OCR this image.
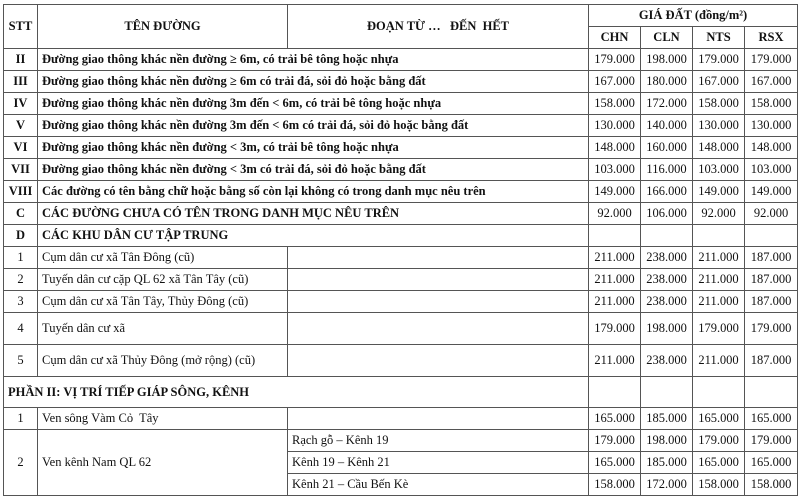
STT	TÊN ĐƯỜNG	ĐOẠN TỪ …   ĐẾN  HẾT	GIÁ ĐẤT (đồng/m²)			
			CHN	CLN	NTS	RSX
II	Đường giao thông khác nền đường ≥ 6m, có trải bê tông hoặc nhựa		179.000	198.000	179.000	179.000
III	Đường giao thông khác nền đường ≥ 6m có trải đá, sỏi đỏ hoặc bằng đất		167.000	180.000	167.000	167.000
IV	Đường giao thông khác nền đường 3m đến < 6m, có trải bê tông hoặc nhựa		158.000	172.000	158.000	158.000
V	Đường giao thông khác nền đường 3m đến < 6m có trải đá, sỏi đỏ hoặc bằng đất		130.000	140.000	130.000	130.000
VI	Đường giao thông khác nền đường < 3m, có trải bê tông hoặc nhựa		148.000	160.000	148.000	148.000
VII	Đường giao thông khác nền đường < 3m có trải đá, sỏi đỏ hoặc bằng đất		103.000	116.000	103.000	103.000
VIII	Các đường có tên bằng chữ hoặc bằng số còn lại không có trong danh mục nêu trên		149.000	166.000	149.000	149.000
C	CÁC ĐƯỜNG CHƯA CÓ TÊN TRONG DANH MỤC NÊU TRÊN		92.000	106.000	92.000	92.000
D	CÁC KHU DÂN CƯ TẬP TRUNG					
1	Cụm dân cư xã Tân Đông (cũ)		211.000	238.000	211.000	187.000
2	Tuyến dân cư cặp QL 62 xã Tân Tây (cũ)		211.000	238.000	211.000	187.000
3	Cụm dân cư xã Tân Tây, Thủy Đông (cũ)		211.000	238.000	211.000	187.000
4	Tuyến dân cư xã		179.000	198.000	179.000	179.000
5	Cụm dân cư xã Thủy Đông (mở rộng) (cũ)		211.000	238.000	211.000	187.000
PHẦN II: VỊ TRÍ TIẾP GIÁP SÔNG, KÊNH						
1	Ven sông Vàm Cỏ  Tây		165.000	185.000	165.000	165.000
2	Ven kênh Nam QL 62	Rạch gỗ – Kênh 19	179.000	198.000	179.000	179.000
		Kênh 19 – Kênh 21	165.000	185.000	165.000	165.000
		Kênh 21 – Cầu Bến Kè	158.000	172.000	158.000	158.000
